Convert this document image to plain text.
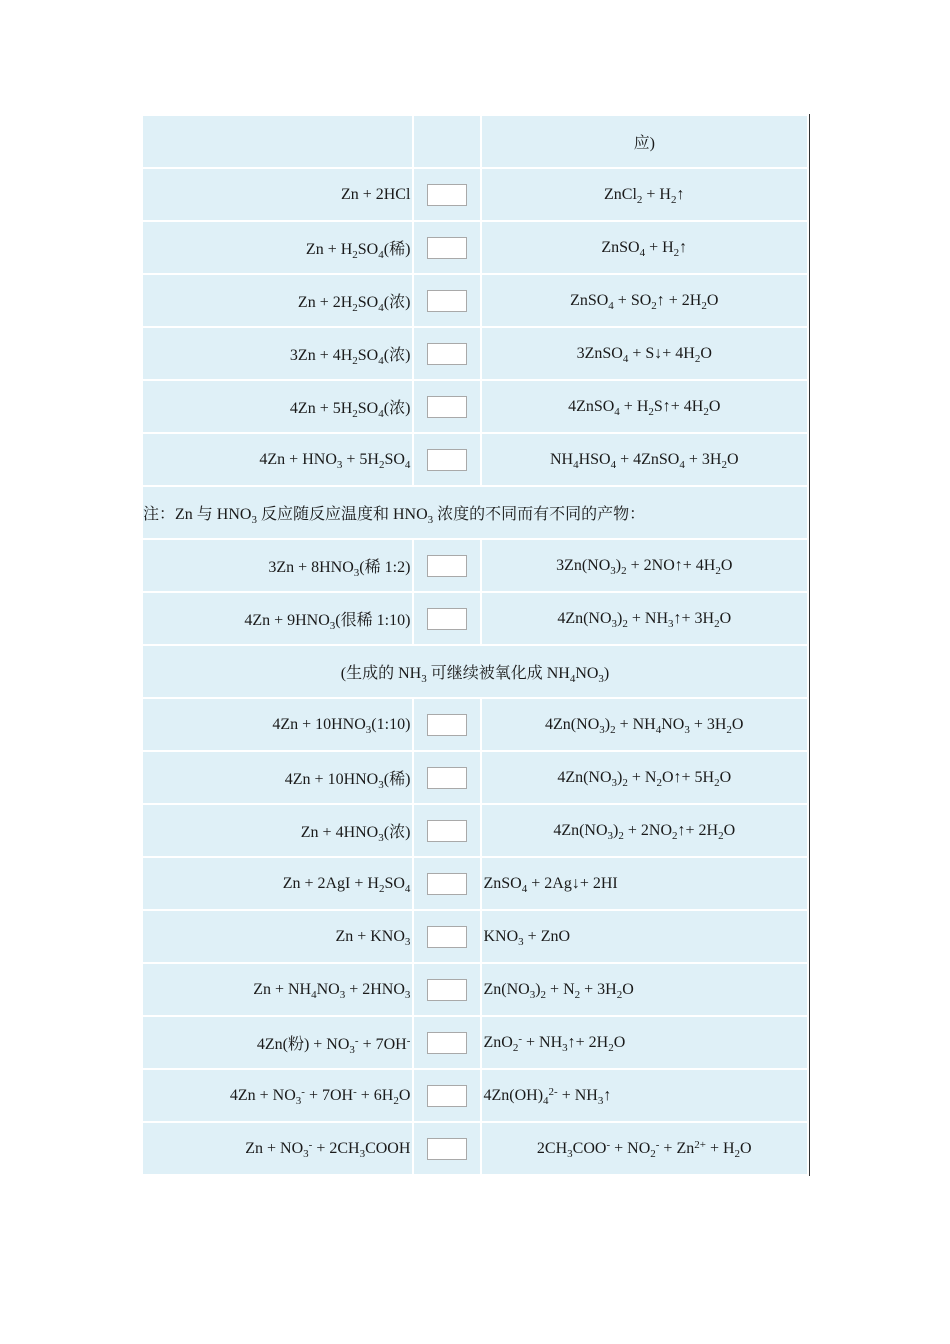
		应)
Zn + 2HCl		ZnCl$_2$ + $H_2↑$
$Zn + H_2SO_4$(稀)		ZnSO$_4$ + $H_2↑$
$Zn + 2H_2SO_4$(浓)		ZnSO$_4$ + $SO_2↑ + 2H_2O$
$3Zn + 4H_2SO_4$(浓)		3ZnSO$_4$ + S↓+ $4H_2O$
$4Zn + 5H_2SO_4$(浓)		4ZnSO$_4$ + $H_2S↑+ 4H_2O$
$4Zn + HNO_3 + 5H_2SO_4$		$NH_4HSO_4$ + 4ZnSO$_4$ + $3H_2O$
注：Zn 与 $HNO_3$ 反应随反应温度和 $HNO_3$ 浓度的不同而有不同的产物：		
$3Zn + 8HNO_3$(稀 1:2)		$3Zn(NO_3)_2$ + 2NO↑+ $4H_2O$
$4Zn + 9HNO_3$(很稀 1:10)		$4Zn(NO_3)_2$ + $NH_3↑+ 3H_2O$
(生成的 $NH_3$ 可继续被氧化成 $NH_4NO_3$)		
$4Zn + 10HNO_3(1:10)$		$4Zn(NO_3)_2 + NH_4NO_3 + 3H_2O$
$4Zn + 10HNO_3$(稀)		$4Zn(NO_3)_2$ + $N_2O↑+ 5H_2O$
$Zn + 4HNO_3$(浓)		$4Zn(NO_3)_2$ + $2NO_2↑+ 2H_2O$
$Zn + 2AgI + H_2SO_4$		ZnSO$_4$ + 2Ag↓+ 2HI
$Zn + KNO_3$		$KNO_3$ + ZnO
$Zn + NH_4NO_3 + 2HNO_3$		$Zn(NO_3)_2 + N_2 + 3H_2O$
4Zn(粉) + $NO_3^- + 7OH^-$		$ZnO_2^- + NH_3↑+ 2H_2O$
$4Zn + NO_3^- + 7OH^- + 6H_2O$		$4Zn(OH)_4^{2-}$ + $NH_3↑$
$Zn + NO_3^-$ + $2CH_3COOH$		$2CH_3COO^- + NO_2^- + Zn^{2+} + H_2O$
